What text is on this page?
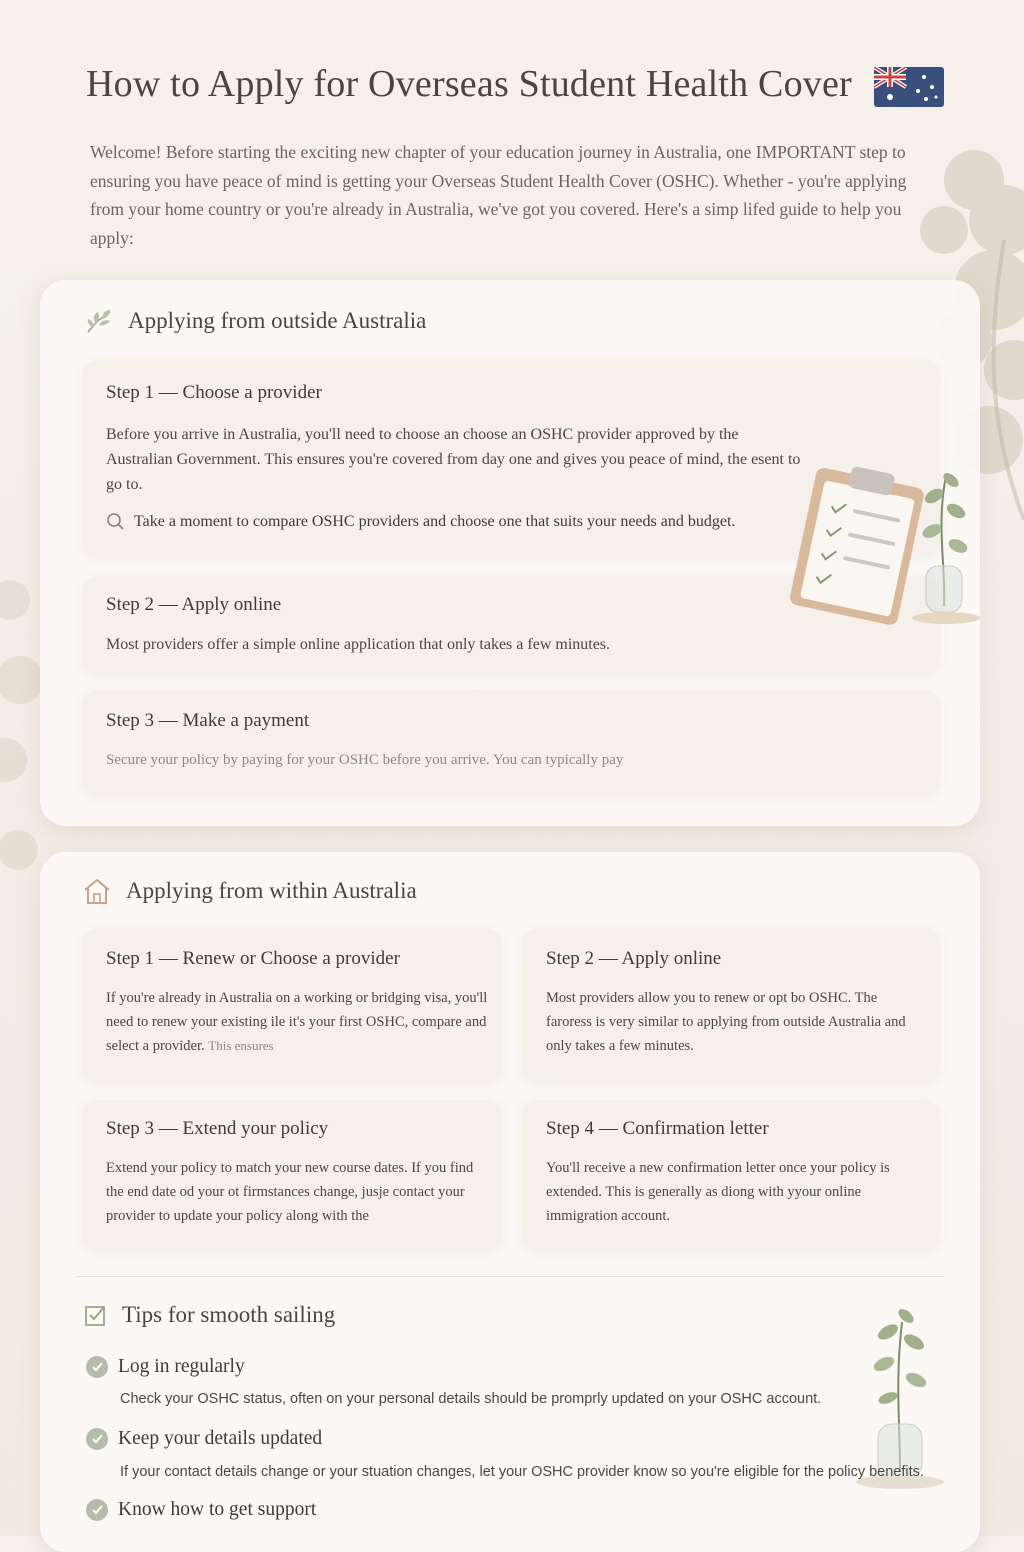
How to Apply for Overseas Student Health Cover
Welcome! Before starting the exciting new chapter of your education journey in Australia, one IMPORTANT step to ensuring you have peace of mind is getting your Overseas Student Health Cover (OSHC). Whether - you're applying from your home country or you're already in Australia, we've got you covered. Here's a simp lifed guide to help you apply:
Applying from outside Australia
Step 1 — Choose a provider
Before you arrive in Australia, you'll need to choose an choose an OSHC provider approved by the Australian Government. This ensures you're covered from day one and gives you peace of mind, the esent to go to.
Take a moment to compare OSHC providers and choose one that suits your needs and budget.
Step 2 — Apply online
Most providers offer a simple online application that only takes a few minutes.
Step 3 — Make a payment
Secure your policy by paying for your OSHC before you arrive. You can typically pay
Applying from within Australia
Step 1 — Renew or Choose a provider
If you're already in Australia on a working or bridging visa, you'll need to renew your existing ile it's your first OSHC, compare and select a provider. This ensures
Step 2 — Apply online
Most providers allow you to renew or opt bo OSHC. The faroress is very similar to applying from outside Australia and only takes a few minutes.
Step 3 — Extend your policy
Extend your policy to match your new course dates. If you find the end date od your ot firmstances change, jusje contact your provider to update your policy along with the
Step 4 — Confirmation letter
You'll receive a new confirmation letter once your policy is extended. This is generally as diong with yyour online immigration account.
Tips for smooth sailing
Log in regularly
Check your OSHC status, often on your personal details should be promprly updated on your OSHC account.
Keep your details updated
If your contact details change or your stuation changes, let your OSHC provider know so you're eligible for the policy benefits.
Know how to get support
